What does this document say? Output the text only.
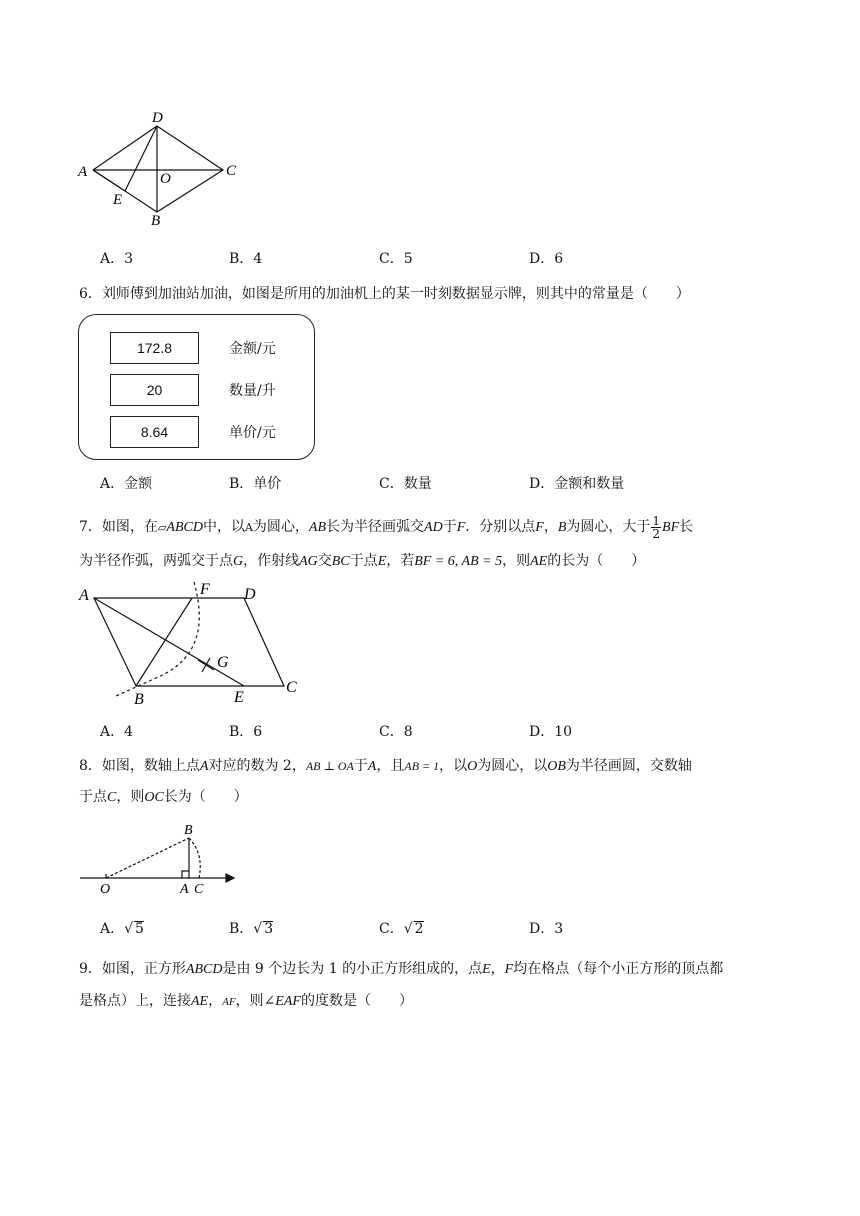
D
A	O	C
E
B
A．3	B．4	C．5	D．6
6．刘师傅到加油站加油，如图是所用的加油机上的某一时刻数据显示牌，则其中的常量是（　　）
172.8	金额/元
20	数量/升
8.64	单价/元
A．金额	B．单价	C．数量	D．金额和数量
7．如图，在▱ABCD中，以A为圆心，AB长为半径画弧交AD于F．分别以点F，B为圆心，大于 $\frac{1}{2}$ BF长
为半径作弧，两弧交于点G，作射线AG交BC于点E，若BF = 6, AB = 5，则AE的长为（　　）
A	F D
G
B	E
C
A．4	B．6	C．8	D．10
8．如图，数轴上点A对应的数为 2，AB ⊥ OA于A，且AB = 1，以O为圆心，以OB为半径画圆，交数轴
于点C，则OC长为（　　）
B
O	A C
A．√ 5	B．√ 3	C．√ 2	D．3
9．如图，正方形ABCD是由 9 个边长为 1 的小正方形组成的，点E，F均在格点（每个小正方形的顶点都
是格点）上，连接AE，AF，则∠EAF的度数是（　　）
